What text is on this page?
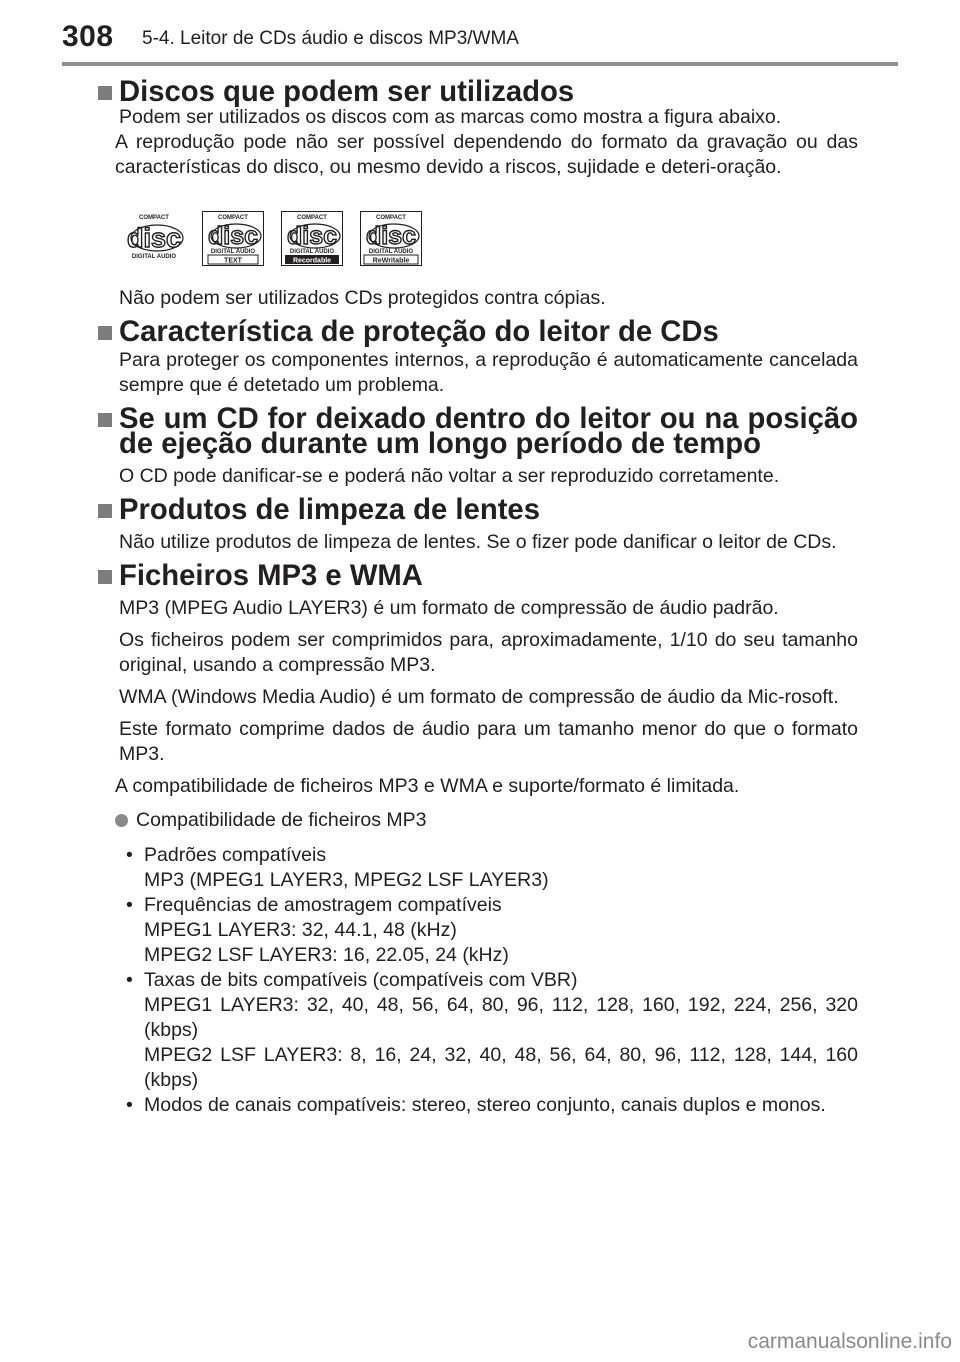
308 5-4. Leitor de CDs áudio e discos MP3/WMA
Discos que podem ser utilizados

Podem ser utilizados os discos com as marcas como mostra a figura abaixo.

A reprodução pode não ser possível dependendo do formato da gravação ou das características do disco, ou mesmo devido a riscos, sujidade e deteri-oração.

COMPACT
disc
DIGITAL AUDIO
COMPACT
disc
DIGITAL AUDIO
TEXT
COMPACT
disc
DIGITAL AUDIO
Recordable
COMPACT
disc
DIGITAL AUDIO
ReWritable

Não podem ser utilizados CDs protegidos contra cópias.

Característica de proteção do leitor de CDs

Para proteger os componentes internos, a reprodução é automaticamente cancelada sempre que é detetado um problema.

Se um CD for deixado dentro do leitor ou na posição de ejeção durante um longo período de tempo

O CD pode danificar-se e poderá não voltar a ser reproduzido corretamente.

Produtos de limpeza de lentes

Não utilize produtos de limpeza de lentes. Se o fizer pode danificar o leitor de CDs.

Ficheiros MP3 e WMA

MP3 (MPEG Audio LAYER3) é um formato de compressão de áudio padrão.

Os ficheiros podem ser comprimidos para, aproximadamente, 1/10 do seu tamanho original, usando a compressão MP3.

WMA (Windows Media Audio) é um formato de compressão de áudio da Mic-rosoft.

Este formato comprime dados de áudio para um tamanho menor do que o formato MP3.

A compatibilidade de ficheiros MP3 e WMA e suporte/formato é limitada.

Compatibilidade de ficheiros MP3

• Padrões compatíveis
MP3 (MPEG1 LAYER3, MPEG2 LSF LAYER3)
• Frequências de amostragem compatíveis
MPEG1 LAYER3: 32, 44.1, 48 (kHz)
MPEG2 LSF LAYER3: 16, 22.05, 24 (kHz)
• Taxas de bits compatíveis (compatíveis com VBR)
MPEG1 LAYER3: 32, 40, 48, 56, 64, 80, 96, 112, 128, 160, 192, 224, 256, 320 (kbps)
MPEG2 LSF LAYER3: 8, 16, 24, 32, 40, 48, 56, 64, 80, 96, 112, 128, 144, 160 (kbps)
• Modos de canais compatíveis: stereo, stereo conjunto, canais duplos e monos.
carmanualsonline.info
